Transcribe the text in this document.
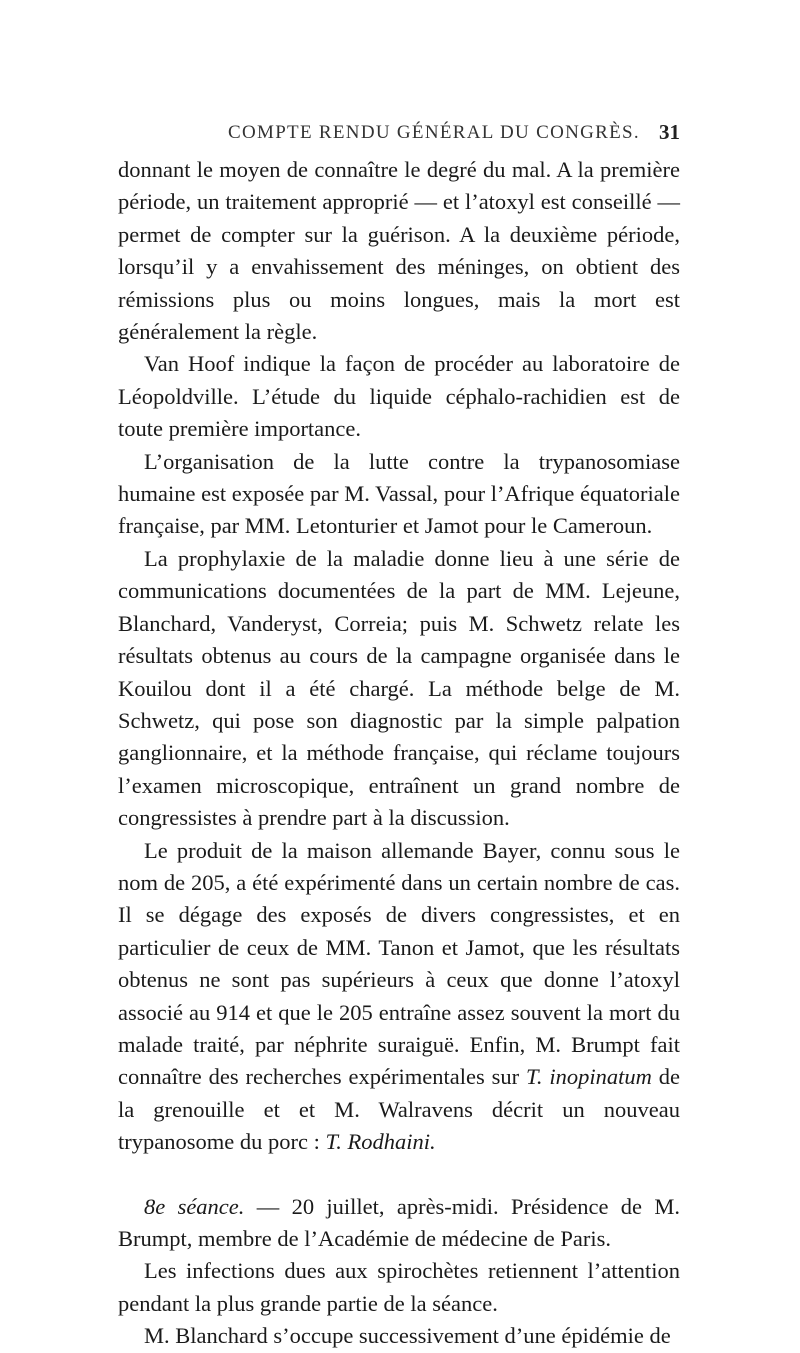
COMPTE RENDU GÉNÉRAL DU CONGRÈS. 31

donnant le moyen de connaître le degré du mal. A la première période, un traitement approprié — et l’atoxyl est conseillé — permet de compter sur la guérison. A la deuxième période, lorsqu’il y a envahissement des méninges, on obtient des rémissions plus ou moins longues, mais la mort est généralement la règle.

Van Hoof indique la façon de procéder au laboratoire de Léopoldville. L’étude du liquide céphalo-rachidien est de toute première importance.

L’organisation de la lutte contre la trypanosomiase humaine est exposée par M. Vassal, pour l’Afrique équatoriale française, par MM. Letonturier et Jamot pour le Cameroun.

La prophylaxie de la maladie donne lieu à une série de communications documentées de la part de MM. Lejeune, Blanchard, Vanderyst, Correia; puis M. Schwetz relate les résultats obtenus au cours de la campagne organisée dans le Kouilou dont il a été chargé. La méthode belge de M. Schwetz, qui pose son diagnostic par la simple palpation ganglionnaire, et la méthode française, qui réclame toujours l’examen microscopique, entraînent un grand nombre de congressistes à prendre part à la discussion.

Le produit de la maison allemande Bayer, connu sous le nom de 205, a été expérimenté dans un certain nombre de cas. Il se dégage des exposés de divers congressistes, et en particulier de ceux de MM. Tanon et Jamot, que les résultats obtenus ne sont pas supérieurs à ceux que donne l’atoxyl associé au 914 et que le 205 entraîne assez souvent la mort du malade traité, par néphrite suraiguë. Enfin, M. Brumpt fait connaître des recherches expérimentales sur T. inopinatum de la grenouille et et M. Walravens décrit un nouveau trypanosome du porc : T. Rodhaini.

8e séance. — 20 juillet, après-midi. Présidence de M. Brumpt, membre de l’Académie de médecine de Paris.

Les infections dues aux spirochètes retiennent l’attention pendant la plus grande partie de la séance.

M. Blanchard s’occupe successivement d’une épidémie de
